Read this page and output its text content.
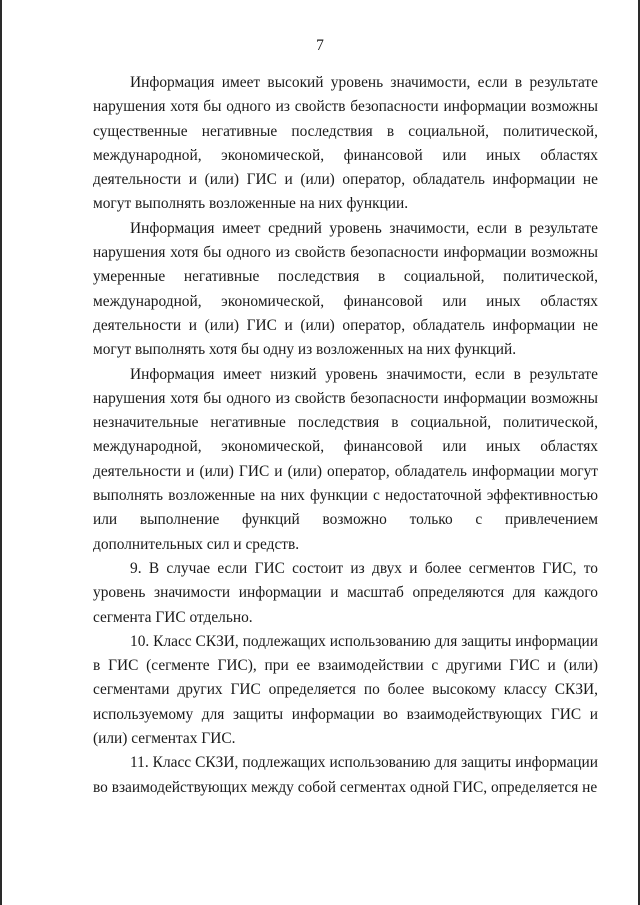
7

Информация имеет высокий уровень значимости, если в результате нарушения хотя бы одного из свойств безопасности информации возможны существенные негативные последствия в социальной, политической, международной, экономической, финансовой или иных областях деятельности и (или) ГИС и (или) оператор, обладатель информации не могут выполнять возложенные на них функции.

Информация имеет средний уровень значимости, если в результате нарушения хотя бы одного из свойств безопасности информации возможны умеренные негативные последствия в социальной, политической, международной, экономической, финансовой или иных областях деятельности и (или) ГИС и (или) оператор, обладатель информации не могут выполнять хотя бы одну из возложенных на них функций.

Информация имеет низкий уровень значимости, если в результате нарушения хотя бы одного из свойств безопасности информации возможны незначительные негативные последствия в социальной, политической, международной, экономической, финансовой или иных областях деятельности и (или) ГИС и (или) оператор, обладатель информации могут выполнять возложенные на них функции с недостаточной эффективностью или выполнение функций возможно только с привлечением дополнительных сил и средств.

9. В случае если ГИС состоит из двух и более сегментов ГИС, то уровень значимости информации и масштаб определяются для каждого сегмента ГИС отдельно.

10. Класс СКЗИ, подлежащих использованию для защиты информации в ГИС (сегменте ГИС), при ее взаимодействии с другими ГИС и (или) сегментами других ГИС определяется по более высокому классу СКЗИ, используемому для защиты информации во взаимодействующих ГИС и (или) сегментах ГИС.

11. Класс СКЗИ, подлежащих использованию для защиты информации во взаимодействующих между собой сегментах одной ГИС, определяется не
